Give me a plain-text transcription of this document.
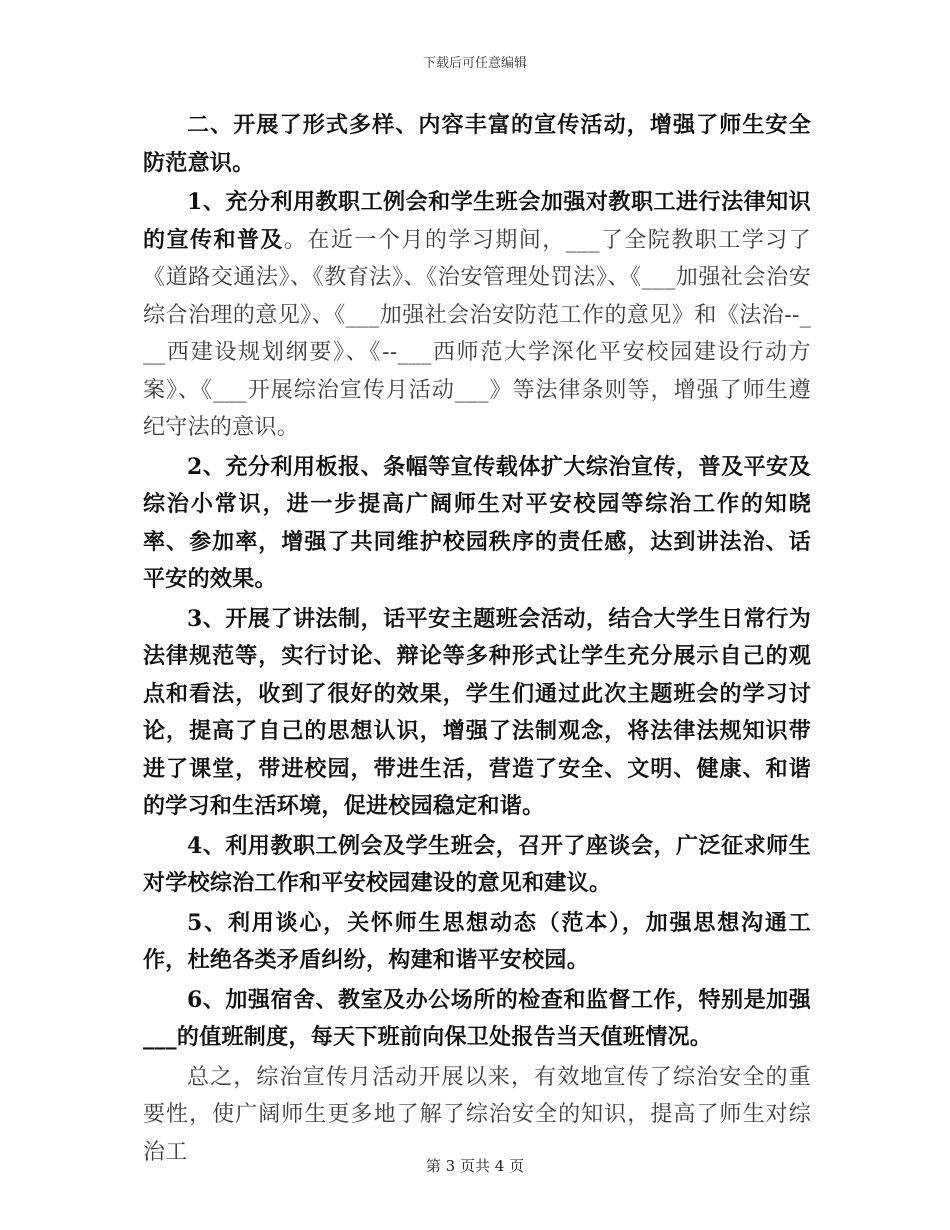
下载后可任意编辑

二、开展了形式多样、内容丰富的宣传活动，增强了师生安全防范意识。

1、充分利用教职工例会和学生班会加强对教职工进行法律知识的宣传和普及。在近一个月的学习期间，___了全院教职工学习了《道路交通法》、《教育法》、《治安管理处罚法》、《___加强社会治安综合治理的意见》、《___加强社会治安防范工作的意见》和《法治--___西建设规划纲要》、《--___西师范大学深化平安校园建设行动方案》、《___开展综治宣传月活动___》等法律条则等，增强了师生遵纪守法的意识。

2、充分利用板报、条幅等宣传载体扩大综治宣传，普及平安及综治小常识，进一步提高广阔师生对平安校园等综治工作的知晓率、参加率，增强了共同维护校园秩序的责任感，达到讲法治、话平安的效果。

3、开展了讲法制，话平安主题班会活动，结合大学生日常行为法律规范等，实行讨论、辩论等多种形式让学生充分展示自己的观点和看法，收到了很好的效果，学生们通过此次主题班会的学习讨论，提高了自己的思想认识，增强了法制观念，将法律法规知识带进了课堂，带进校园，带进生活，营造了安全、文明、健康、和谐的学习和生活环境，促进校园稳定和谐。

4、利用教职工例会及学生班会，召开了座谈会，广泛征求师生对学校综治工作和平安校园建设的意见和建议。

5、利用谈心，关怀师生思想动态（范本），加强思想沟通工作，杜绝各类矛盾纠纷，构建和谐平安校园。

6、加强宿舍、教室及办公场所的检查和监督工作，特别是加强___的值班制度，每天下班前向保卫处报告当天值班情况。

总之，综治宣传月活动开展以来，有效地宣传了综治安全的重要性，使广阔师生更多地了解了综治安全的知识，提高了师生对综治工

第 3 页共 4 页
